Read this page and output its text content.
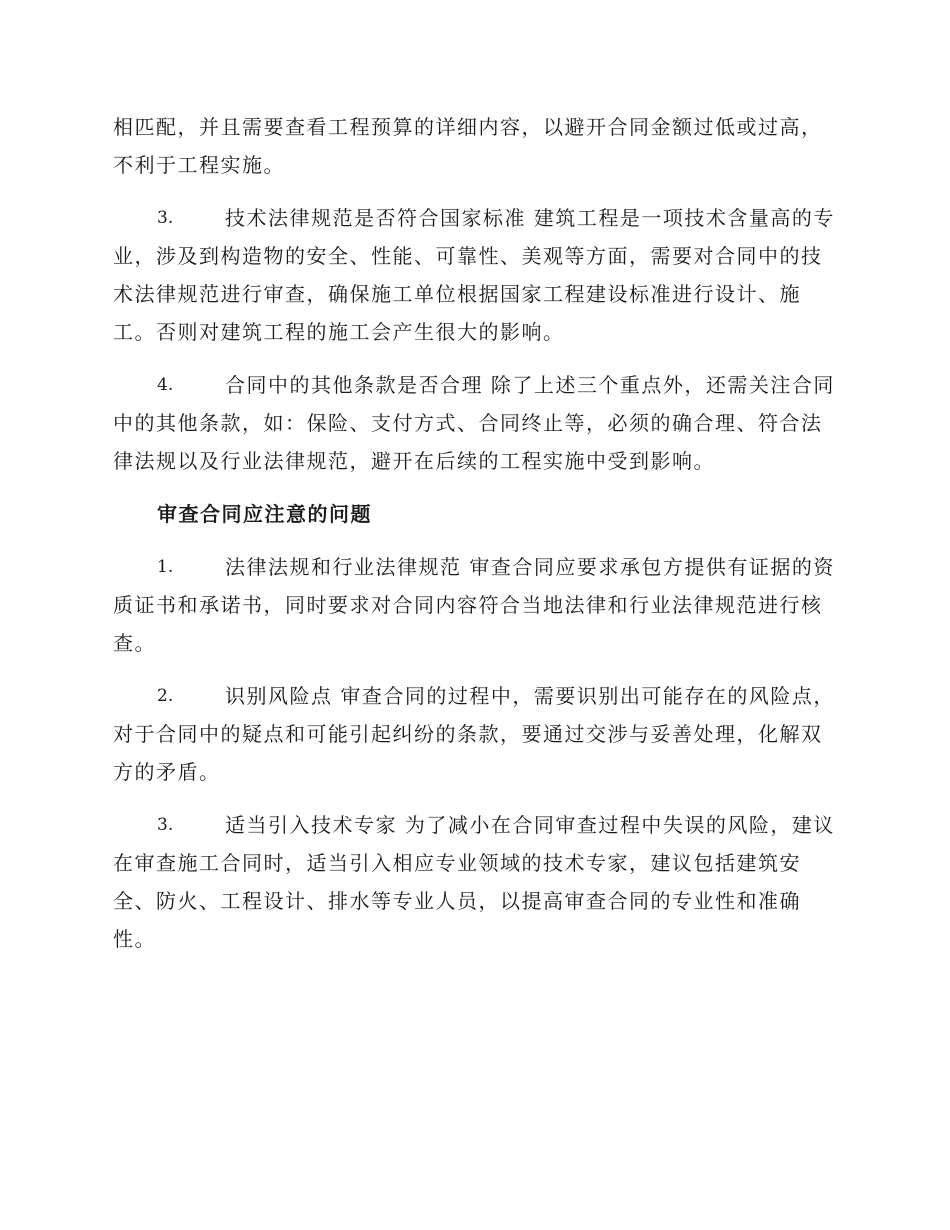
相匹配，并且需要查看工程预算的详细内容，以避开合同金额过低或过高，
不利于工程实施。
3.	技术法律规范是否符合国家标准 建筑工程是一项技术含量高的专
业，涉及到构造物的安全、性能、可靠性、美观等方面，需要对合同中的技
术法律规范进行审查，确保施工单位根据国家工程建设标准进行设计、施
工。否则对建筑工程的施工会产生很大的影响。
4.	合同中的其他条款是否合理 除了上述三个重点外，还需关注合同
中的其他条款，如：保险、支付方式、合同终止等，必须的确合理、符合法
律法规以及行业法律规范，避开在后续的工程实施中受到影响。
审查合同应注意的问题
1.	法律法规和行业法律规范 审查合同应要求承包方提供有证据的资
质证书和承诺书，同时要求对合同内容符合当地法律和行业法律规范进行核
查。
2.	识别风险点 审查合同的过程中，需要识别出可能存在的风险点，
对于合同中的疑点和可能引起纠纷的条款，要通过交涉与妥善处理，化解双
方的矛盾。
3.	适当引入技术专家 为了减小在合同审查过程中失误的风险，建议
在审查施工合同时，适当引入相应专业领域的技术专家，建议包括建筑安
全、防火、工程设计、排水等专业人员，以提高审查合同的专业性和准确
性。
